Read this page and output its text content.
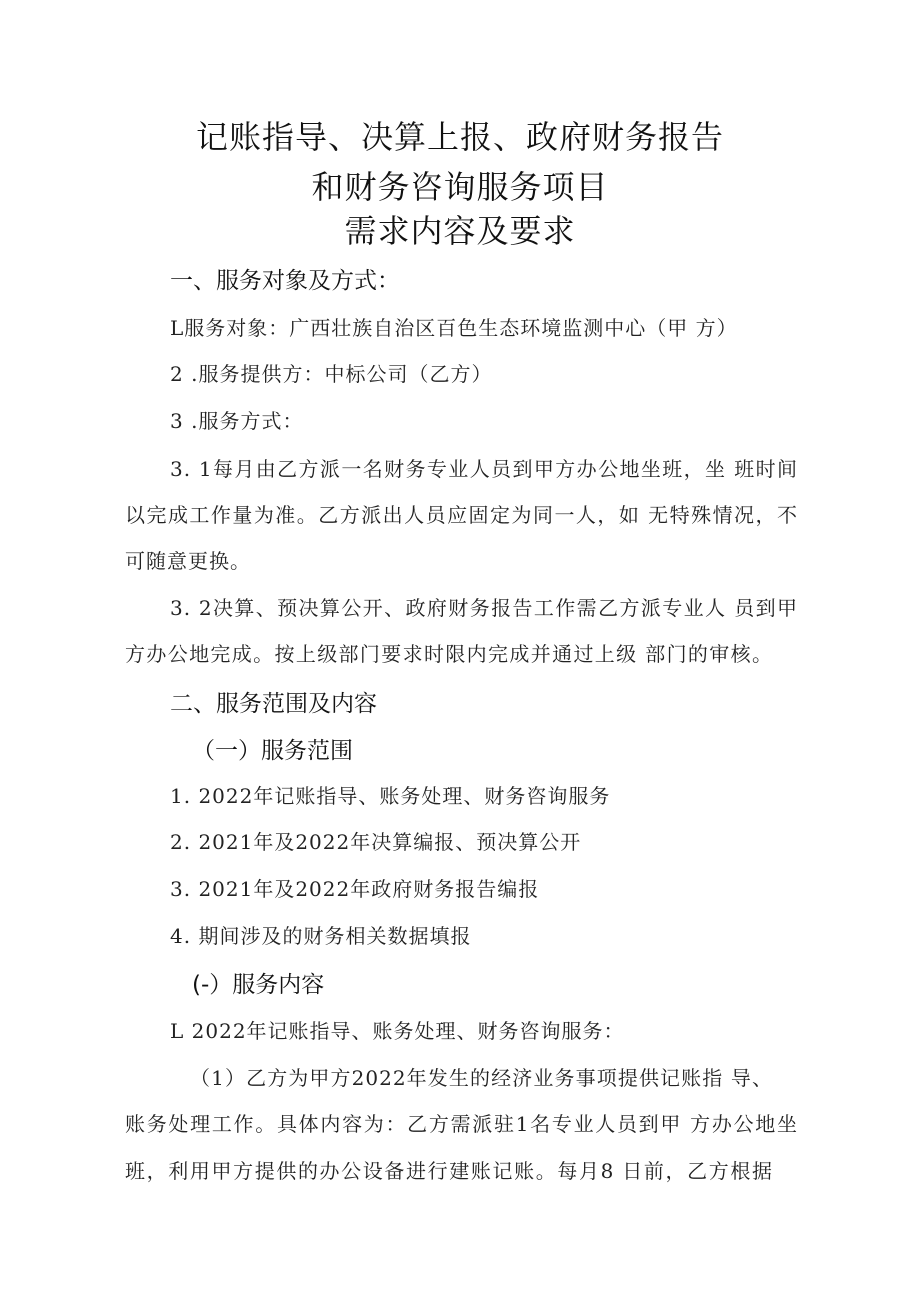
记账指导、决算上报、政府财务报告
和财务咨询服务项目
需求内容及要求
一、服务对象及方式：
L服务对象：广西壮族自治区百色生态环境监测中心（甲 方）
2 .服务提供方：中标公司（乙方）
3 .服务方式：
3. 1每月由乙方派一名财务专业人员到甲方办公地坐班，坐 班时间
以完成工作量为准。乙方派出人员应固定为同一人，如 无特殊情况，不
可随意更换。
3. 2决算、预决算公开、政府财务报告工作需乙方派专业人 员到甲
方办公地完成。按上级部门要求时限内完成并通过上级 部门的审核。
二、服务范围及内容
（一）服务范围
1. 2022年记账指导、账务处理、财务咨询服务
2. 2021年及2022年决算编报、预决算公开
3. 2021年及2022年政府财务报告编报
4. 期间涉及的财务相关数据填报
(-）服务内容
L 2022年记账指导、账务处理、财务咨询服务：
（1）乙方为甲方2022年发生的经济业务事项提供记账指 导、
账务处理工作。具体内容为：乙方需派驻1名专业人员到甲 方办公地坐
班，利用甲方提供的办公设备进行建账记账。每月8 日前，乙方根据
